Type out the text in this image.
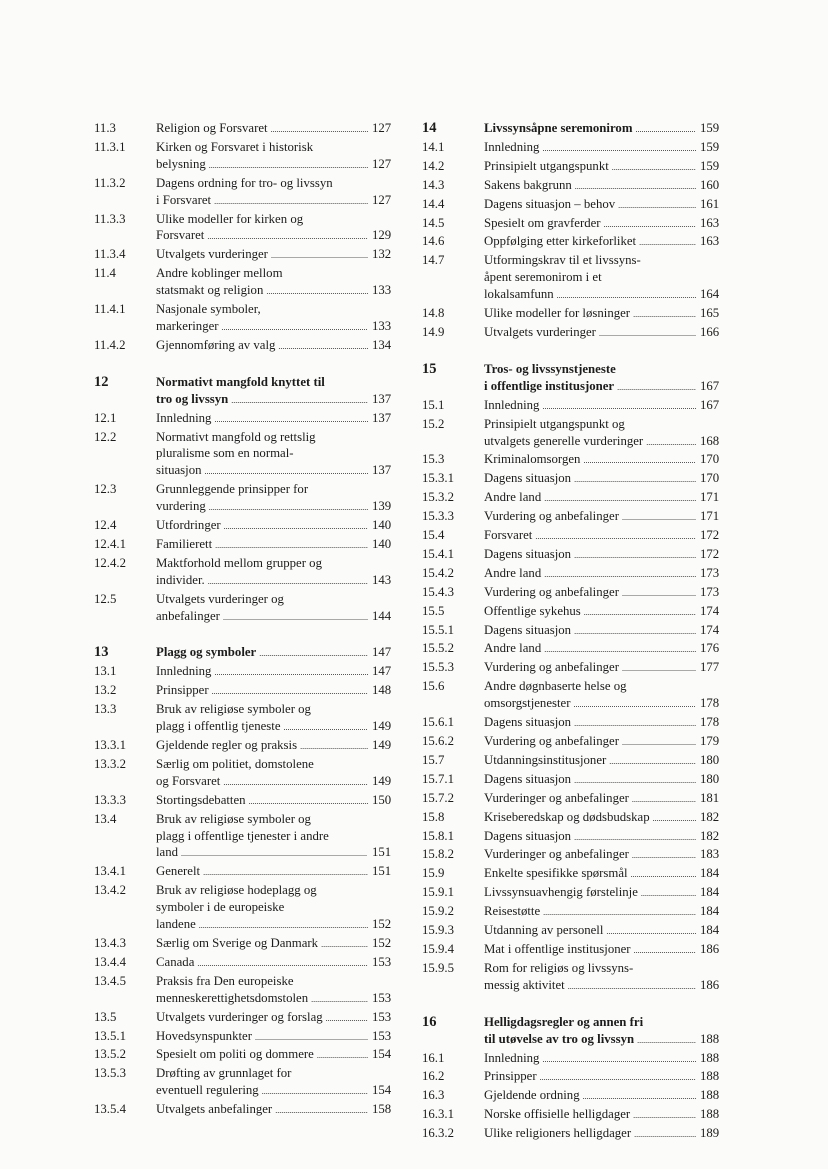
11.3	Religion og Forsvaret . . .	127
11.3.1	Kirken og Forsvaret i historisk
belysning . . .	127
11.3.2	Dagens ordning for tro- og livssyn
i Forsvaret . . .	127
11.3.3	Ulike modeller for kirken og
Forsvaret . . .	129
11.3.4	Utvalgets vurderinger . . .	132
11.4	Andre koblinger mellom
statsmakt og religion . . .	133
11.4.1	Nasjonale symboler,
markeringer . . .	133
11.4.2	Gjennomføring av valg . . .	134
12	Normativt mangfold knyttet til
tro og livssyn . . .	137
12.1	Innledning . . .	137
12.2	Normativt mangfold og rettslig
pluralisme som en normal-
situasjon . . .	137
12.3	Grunnleggende prinsipper for
vurdering . . .	139
12.4	Utfordringer . . .	140
12.4.1	Familierett . . .	140
12.4.2	Maktforhold mellom grupper og
individer. . . .	143
12.5	Utvalgets vurderinger og
anbefalinger . . .	144
13	Plagg og symboler . . .	147
13.1	Innledning . . .	147
13.2	Prinsipper . . .	148
13.3	Bruk av religiøse symboler og
plagg i offentlig tjeneste . . .	149
13.3.1	Gjeldende regler og praksis . . .	149
13.3.2	Særlig om politiet, domstolene
og Forsvaret . . .	149
13.3.3	Stortingsdebatten . . .	150
13.4	Bruk av religiøse symboler og
plagg i offentlige tjenester i andre
land . . .	151
13.4.1	Generelt . . .	151
13.4.2	Bruk av religiøse hodeplagg og
symboler i de europeiske
landene . . .	152
13.4.3	Særlig om Sverige og Danmark . . .	152
13.4.4	Canada . . .	153
13.4.5	Praksis fra Den europeiske
menneskerettighetsdomstolen . . .	153
13.5	Utvalgets vurderinger og forslag . . .	153
13.5.1	Hovedsynspunkter . . .	153
13.5.2	Spesielt om politi og dommere . . .	154
13.5.3	Drøfting av grunnlaget for
eventuell regulering . . .	154
13.5.4	Utvalgets anbefalinger . . .	158
14	Livssynsåpne seremonirom . . .	159
14.1	Innledning . . .	159
14.2	Prinsipielt utgangspunkt . . .	159
14.3	Sakens bakgrunn . . .	160
14.4	Dagens situasjon – behov . . .	161
14.5	Spesielt om gravferder . . .	163
14.6	Oppfølging etter kirkeforliket . . .	163
14.7	Utformingskrav til et livssyns-
åpent seremonirom i et
lokalsamfunn . . .	164
14.8	Ulike modeller for løsninger . . .	165
14.9	Utvalgets vurderinger . . .	166
15	Tros- og livssynstjeneste
i offentlige institusjoner . . .	167
15.1	Innledning . . .	167
15.2	Prinsipielt utgangspunkt og
utvalgets generelle vurderinger . . .	168
15.3	Kriminalomsorgen . . .	170
15.3.1	Dagens situasjon . . .	170
15.3.2	Andre land . . .	171
15.3.3	Vurdering og anbefalinger . . .	171
15.4	Forsvaret . . .	172
15.4.1	Dagens situasjon . . .	172
15.4.2	Andre land . . .	173
15.4.3	Vurdering og anbefalinger . . .	173
15.5	Offentlige sykehus . . .	174
15.5.1	Dagens situasjon . . .	174
15.5.2	Andre land . . .	176
15.5.3	Vurdering og anbefalinger . . .	177
15.6	Andre døgnbaserte helse og
omsorgstjenester . . .	178
15.6.1	Dagens situasjon . . .	178
15.6.2	Vurdering og anbefalinger . . .	179
15.7	Utdanningsinstitusjoner . . .	180
15.7.1	Dagens situasjon . . .	180
15.7.2	Vurderinger og anbefalinger . . .	181
15.8	Kriseberedskap og dødsbudskap . . .	182
15.8.1	Dagens situasjon . . .	182
15.8.2	Vurderinger og anbefalinger . . .	183
15.9	Enkelte spesifikke spørsmål . . .	184
15.9.1	Livssynsuavhengig førstelinje . . .	184
15.9.2	Reisestøtte . . .	184
15.9.3	Utdanning av personell . . .	184
15.9.4	Mat i offentlige institusjoner . . .	186
15.9.5	Rom for religiøs og livssyns-
messig aktivitet . . .	186
16	Helligdagsregler og annen fri
til utøvelse av tro og livssyn . . .	188
16.1	Innledning . . .	188
16.2	Prinsipper . . .	188
16.3	Gjeldende ordning . . .	188
16.3.1	Norske offisielle helligdager . . .	188
16.3.2	Ulike religioners helligdager . . .	189
